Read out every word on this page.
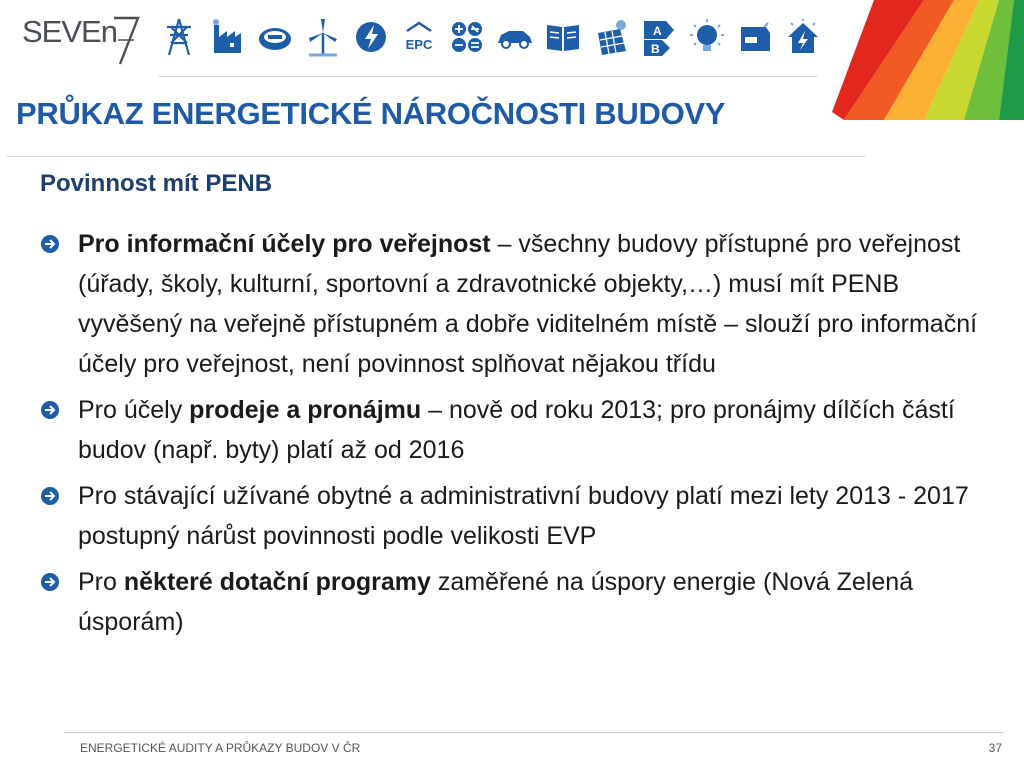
SEVEn	EPC
A
B
PRŮKAZ ENERGETICKÉ NÁROČNOSTI BUDOVY
Povinnost mít PENB
Pro informační účely pro veřejnost – všechny budovy přístupné pro veřejnost (úřady, školy, kulturní, sportovní a zdravotnické objekty,…) musí mít PENB vyvěšený na veřejně přístupném a dobře viditelném místě – slouží pro informační účely pro veřejnost, není povinnost splňovat nějakou třídu
Pro účely prodeje a pronájmu – nově od roku 2013; pro pronájmy dílčích částí budov (např. byty) platí až od 2016
Pro stávající užívané obytné a administrativní budovy platí mezi lety 2013 - 2017 postupný nárůst povinnosti podle velikosti EVP
Pro některé dotační programy zaměřené na úspory energie (Nová Zelená úsporám)
ENERGETICKÉ AUDITY A PRŮKAZY BUDOV V ČR	37
